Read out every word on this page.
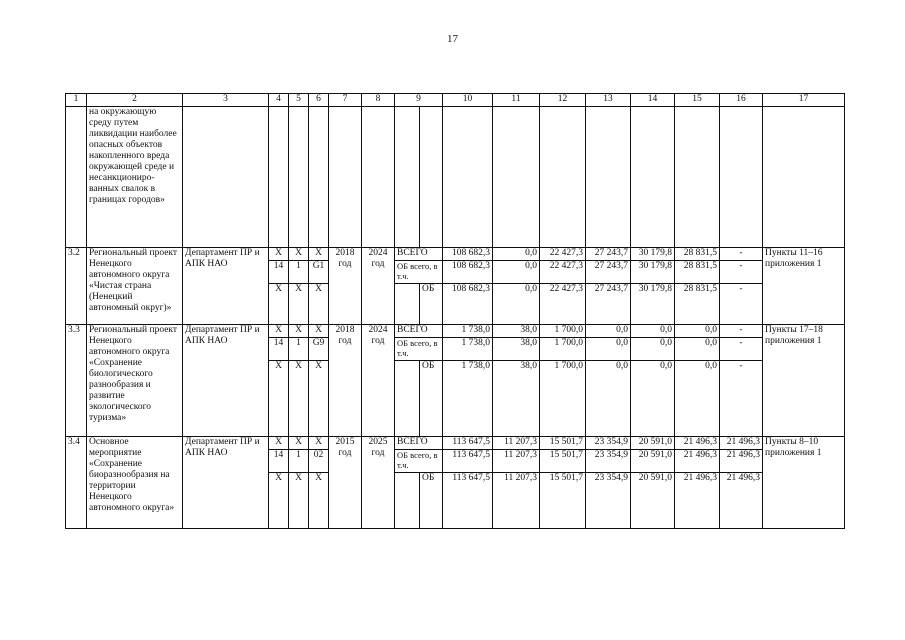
17
1	2	3	4	5	6	7	8	9		10	11	12	13	14	15	16	17
	на окружающую среду путем ликвидации наиболее опасных объектов накопленного вреда окружающей среде и несанкциониро-ванных свалок в границах городов»																
3.2	Региональный проект Ненецкого автономного округа «Чистая страна (Ненецкий автономный округ)»	Департамент ПР и АПК НАО	X	X	X	2018 год	2024 год	ВСЕГО		108 682,3	0,0	22 427,3	27 243,7	30 179,8	28 831,5	-	Пункты 11–16 приложения 1
			14	1	G1			ОБ всего, в т.ч.		108 682,3	0,0	22 427,3	27 243,7	30 179,8	28 831,5	-	
			X	X	X				ОБ	108 682,3	0,0	22 427,3	27 243,7	30 179,8	28 831,5	-	
3.3	Региональный проект Ненецкого автономного округа «Сохранение биологического разнообразия и развитие экологического туризма»	Департамент ПР и АПК НАО	X	X	X	2018 год	2024 год	ВСЕГО		1 738,0	38,0	1 700,0	0,0	0,0	0,0	-	Пункты 17–18 приложения 1
			14	1	G9			ОБ всего, в т.ч.		1 738,0	38,0	1 700,0	0,0	0,0	0,0	-	
			X	X	X				ОБ	1 738,0	38,0	1 700,0	0,0	0,0	0,0	-	
3.4	Основное мероприятие «Сохранение биоразнообразия на территории Ненецкого автономного округа»	Департамент ПР и АПК НАО	X	X	X	2015 год	2025 год	ВСЕГО		113 647,5	11 207,3	15 501,7	23 354,9	20 591,0	21 496,3	21 496,3	Пункты 8–10 приложения 1
			14	1	02			ОБ всего, в т.ч.		113 647,5	11 207,3	15 501,7	23 354,9	20 591,0	21 496,3	21 496,3	
			X	X	X				ОБ	113 647,5	11 207,3	15 501,7	23 354,9	20 591,0	21 496,3	21 496,3	
